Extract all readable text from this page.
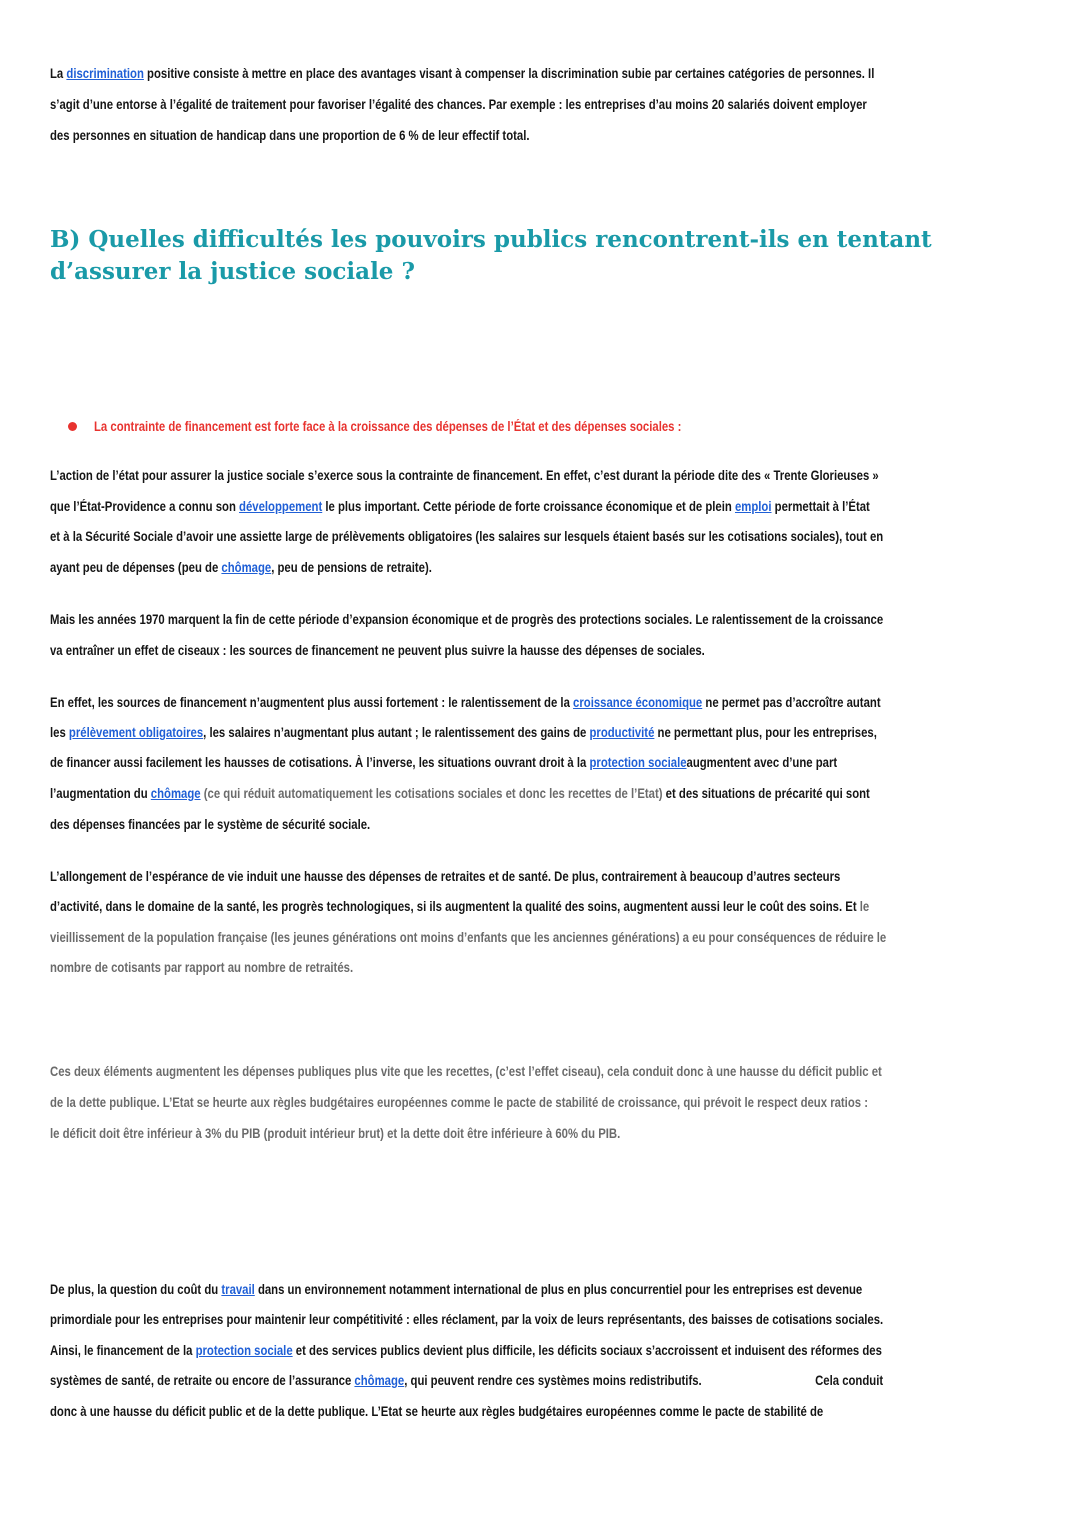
B) Quelles difficultés les pouvoirs publics rencontrent-ils en tentant d’assurer la justice sociale ?
La contrainte de financement est forte face à la croissance des dépenses de l’État et des dépenses sociales :
La discrimination positive consiste à mettre en place des avantages visant à compenser la discrimination subie par certaines catégories de personnes. Il
s’agit d’une entorse à l’égalité de traitement pour favoriser l’égalité des chances. Par exemple : les entreprises d’au moins 20 salariés doivent employer
des personnes en situation de handicap dans une proportion de 6 % de leur effectif total.
L’action de l’état pour assurer la justice sociale s’exerce sous la contrainte de financement. En effet, c’est durant la période dite des « Trente Glorieuses »
que l’État-Providence a connu son développement le plus important. Cette période de forte croissance économique et de plein emploi permettait à l’État
et à la Sécurité Sociale d’avoir une assiette large de prélèvements obligatoires (les salaires sur lesquels étaient basés sur les cotisations sociales), tout en
ayant peu de dépenses (peu de chômage, peu de pensions de retraite).
Mais les années 1970 marquent la fin de cette période d’expansion économique et de progrès des protections sociales. Le ralentissement de la croissance
va entraîner un effet de ciseaux : les sources de financement ne peuvent plus suivre la hausse des dépenses de sociales.
En effet, les sources de financement n’augmentent plus aussi fortement : le ralentissement de la croissance économique ne permet pas d’accroître autant
les prélèvement obligatoires, les salaires n’augmentant plus autant ; le ralentissement des gains de productivité ne permettant plus, pour les entreprises,
de financer aussi facilement les hausses de cotisations. À l’inverse, les situations ouvrant droit à la protection socialeaugmentent avec d’une part
l’augmentation du chômage (ce qui réduit automatiquement les cotisations sociales et donc les recettes de l’Etat) et des situations de précarité qui sont
des dépenses financées par le système de sécurité sociale.
L’allongement de l’espérance de vie induit une hausse des dépenses de retraites et de santé. De plus, contrairement à beaucoup d’autres secteurs
d’activité, dans le domaine de la santé, les progrès technologiques, si ils augmentent la qualité des soins, augmentent aussi leur le coût des soins. Et le
vieillissement de la population française (les jeunes générations ont moins d’enfants que les anciennes générations) a eu pour conséquences de réduire le
nombre de cotisants par rapport au nombre de retraités.
Ces deux éléments augmentent les dépenses publiques plus vite que les recettes, (c’est l’effet ciseau), cela conduit donc à une hausse du déficit public et
de la dette publique. L’Etat se heurte aux règles budgétaires européennes comme le pacte de stabilité de croissance, qui prévoit le respect deux ratios :
le déficit doit être inférieur à 3% du PIB (produit intérieur brut) et la dette doit être inférieure à 60% du PIB.
De plus, la question du coût du travail dans un environnement notamment international de plus en plus concurrentiel pour les entreprises est devenue
primordiale pour les entreprises pour maintenir leur compétitivité : elles réclament, par la voix de leurs représentants, des baisses de cotisations sociales.
Ainsi, le financement de la protection sociale et des services publics devient plus difficile, les déficits sociaux s’accroissent et induisent des réformes des
systèmes de santé, de retraite ou encore de l’assurance chômage, qui peuvent rendre ces systèmes moins redistributifs.	Cela conduit
donc à une hausse du déficit public et de la dette publique. L’Etat se heurte aux règles budgétaires européennes comme le pacte de stabilité de
